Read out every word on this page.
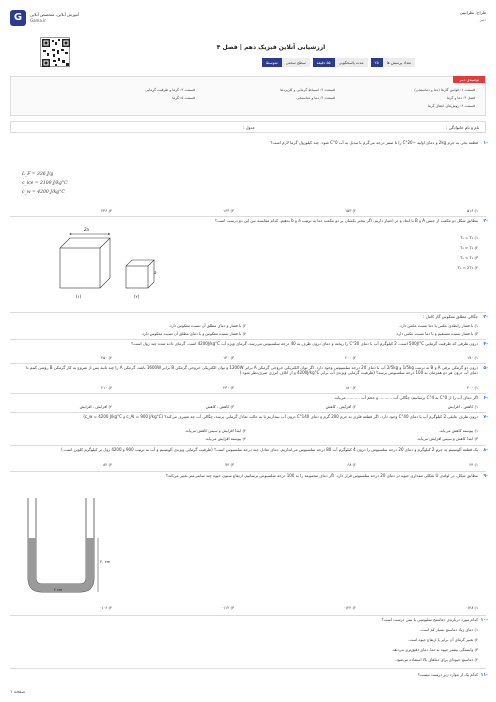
G	آموزش آنلاین، متخصص آنلاین
Gama.ir
طراح: نظرانپیی
دبیر
ارزشیابی آنلاین فیزیک دهم | فصل ۴
تعداد پرسش ها
۲۵
مدت پاسخگویی
۵۵ دقیقه
سطح سختی
متوسط
توصیه‌ی دبیر
قسمت ۱: قوانین گازها (دما و دماسنجی)
قسمت ۲: انبساط گرمایی و کاربرد‌ها
قسمت ۳: گرما و ظرفیت گرمایی
فصل ۴: دما و گرما
قسمت ۴: دما و دماسنجی
قسمت ۵: گرما
قسمت ۶: روش‌های انتقال گرما
نام و نام خانوادگی :
جدول :
۱-
قطعه یخی به جرم 2kg و دمای اولیه −20°C را تا صفر درجه می‌گرم تا تبدیل به آب 0°C شود. چند کیلوژول گرما لازم است؟
L_F = 336 J/g
c_ice = 2100 J/kg°C
c_w = 4200 J/kg°C
۱) ۵۱۶
۲) ۱۵۳
۳) ۱۶۳
۴) ۲۴۶
۲-
مطابق شکل دو مکعب از جنس A و B با ابعاد و در اختیار داریم. اگر تبخیر یکسان بر دو مکعب دما به ترتیب a و b بدهیم، کدام مقایسه بین این دو درست است؟
2a
a
(۱)	(۲)
۱) T₁ = T₂
۲) T₁ > T₂
۳) T₁ < T₂
۴) T₁ = 2T₂
۳-
چگالی مطلق معکوس گاز کامل :
۱) با فشار رابطه‌ی عکس با دما نسبت عکس دارد.
۲) با فشار و دمای مطلق آن نسبت معکوس دارد.
۳) با فشار نسبت مستقیم و با دما نسبت عکس دارد.
۴) با فشار نسبت معکوس و با دمای مطلق آن نسبت معکوس دارد.
۴-
درون ظرفی که ظرفیت گرمایی 500J/°C است، 2 کیلوگرم آب با دمای 20°C را ریخته و دمای درون ظرف به 40 درجه سلسیوس می‌رسد. گرمای ویژه آب 4200J/kg°C است. گرمای داده شده چند ژول است؟
۱) ۱۷۰
۲) ۲۰۰
۳) ۱۳۰
۴) ۲۵۰
۵-
درون دو گرمکن برقی A و B به ترتیب 1/5kg و 2/5kg آب با دمای 20 درجه سلسیوس وجود دارد. اگر توان الکتریکی خروجی گرمکن A برابر 1200W و توان الکتریکی خروجی گرمکن B برابر 1600W باشد، گرمکن A را چند ثانیه پس از شروع به کار گرمکن B روشن کنیم تا دمای آب درون هر دو همزمان به 100 درجه سلسیوس برسد؟ (ظرفیت گرمایی ویژه‌ی آب برابر 4200J/kg°C و از اتلاف انرژی صرف‌نظر شود.)
۱) ۲۰۰
۲) ۱۸۰
۳) ۲۳۰
۴) ۲۱۰
۶-
اگر دمای آب را از 0°C به 4°C برسانیم، چگالی آب .......... و حجم آب .......... می‌یابد.
۱) کاهش - افزایش
۲) افزایش - کاهش
۳) کاهش - کاهش
۴) افزایش - افزایش
۷-
درون ظرف عایقی 2 کیلوگرم آب با دمای 40°C وجود دارد. اگر قطعه فلزی به جرم 200 گرم و دمای 140°C درون آب بیندازیم تا به حالت تعادل گرمایی برسد، چگالی آب چه تغییری می‌کند؟ (c_Al = 900 J/kg°C و c_w = 4200 J/kg°C)
۱) پیوسته کاهش می‌یابد.
۲) ابتدا افزایش و سپس کاهش می‌یابد.
۳) ابتدا کاهش و سپس افزایش می‌یابد.
۴) پیوسته افزایش می‌یابد.
۸-
یک قطعه آلومینیم به جرم 2 کیلوگرم و دمای 20 درجه سلسیوس را درون 4 کیلوگرم آب 80 درجه سلسیوس می‌اندازیم. دمای تعادل چند درجه سلسیوس است؟ (ظرفیت گرمایی ویژه‌ی آلومینیم و آب به ترتیب 900 و 4200 ژول بر کیلوگرم کلوین است.)
۱) ۶۴
۲) ۶۸
۳) ۷۴
۴) ۸۲
۹-
مطابق شکل، در لوله‌ی U شکلی مقداری جیوه در دمای 20 درجه سلسیوس قرار دارد. اگر دمای مجموعه را به 100 درجه سلسیوس برسانیم، ارتفاع ستون جیوه چند سانتی‌متر تغییر می‌کند؟
۳۰ cm
۴ cm
۱) ۰/۴۸
۲) ۰/۲۴
۳) ۰/۱۲
۴) ۰/۰۶
۱۰-
کدام مورد درباره‌ی دماسنج سلیوسی یا نیتی درست است؟
۱) دمای زیاد دماسنج بسیار کم است.
۲) تغییر گرمای آن برابر با ارتفاع جیوه است.
۳) وابستگی بیشتر جیوه به دما، دمای دقیق‌تری می‌دهد.
۴) دماسنج جیوه‌ای برای دماهای بالا استفاده می‌شود.
۱۱-
کدام یک از موارد زیر درست نیست؟
صفحه ۱
